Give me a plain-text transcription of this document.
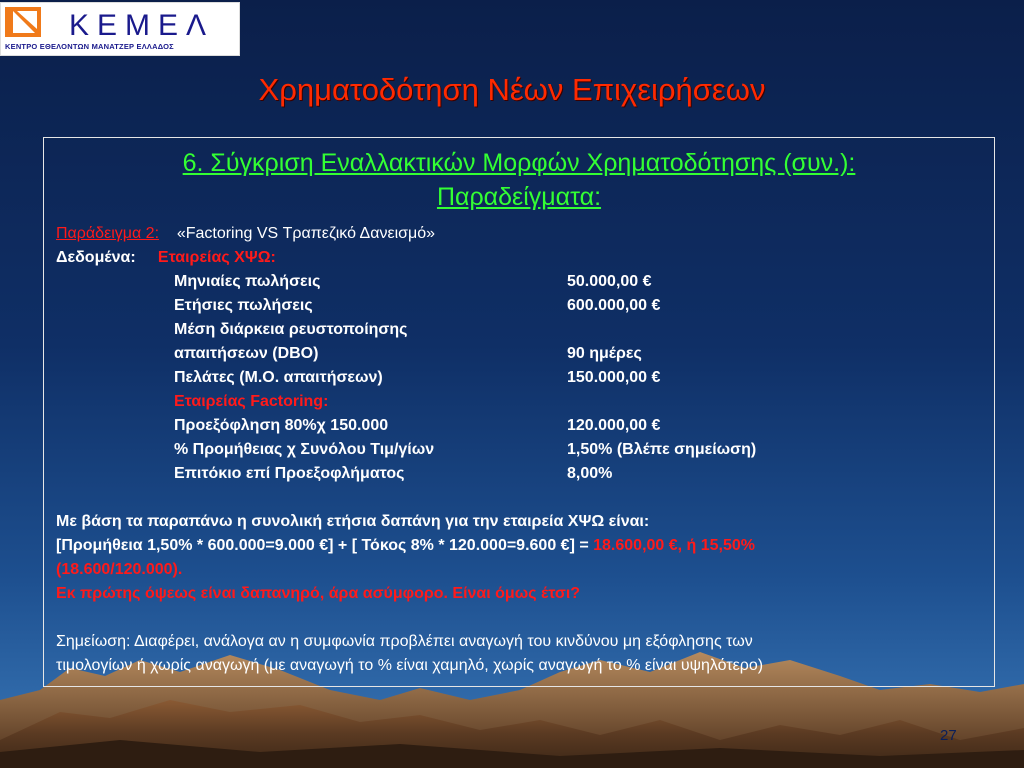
ΚΕΜΕΛ
ΚΕΝΤΡΟ ΕΘΕΛΟΝΤΩΝ ΜΑΝΑΤΖΕΡ ΕΛΛΑΔΟΣ
Χρηματοδότηση Νέων Επιχειρήσεων
6. Σύγκριση Εναλλακτικών Μορφών Χρηματοδότησης (συν.):
Παραδείγματα:
Παράδειγμα 2: «Factoring VS Τραπεζικό Δανεισμό»
Δεδομένα: Εταιρείας ΧΨΩ:
Μηνιαίες πωλήσεις	50.000,00 €
Ετήσιες πωλήσεις	600.000,00 €
Μέση διάρκεια ρευστοποίησης
απαιτήσεων (DBO)	90 ημέρες
Πελάτες (Μ.Ο. απαιτήσεων)	150.000,00 €
Εταιρείας Factoring:
Προεξόφληση 80%χ 150.000	120.000,00 €
% Προμήθειας χ Συνόλου Τιμ/γίων	1,50% (Βλέπε σημείωση)
Επιτόκιο επί Προεξοφλήματος	8,00%
Με βάση τα παραπάνω η συνολική ετήσια δαπάνη για την εταιρεία ΧΨΩ είναι:
[Προμήθεια 1,50% * 600.000=9.000 €] + [ Τόκος 8% * 120.000=9.600 €] = 18.600,00 €, ή 15,50%
(18.600/120.000).
Εκ πρώτης όψεως είναι δαπανηρό, άρα ασύμφορο. Είναι όμως έτσι?
Σημείωση: Διαφέρει, ανάλογα αν η συμφωνία προβλέπει αναγωγή του κινδύνου μη εξόφλησης των
τιμολογίων ή χωρίς αναγωγή (με αναγωγή το % είναι χαμηλό, χωρίς αναγωγή το % είναι υψηλότερο)
27
